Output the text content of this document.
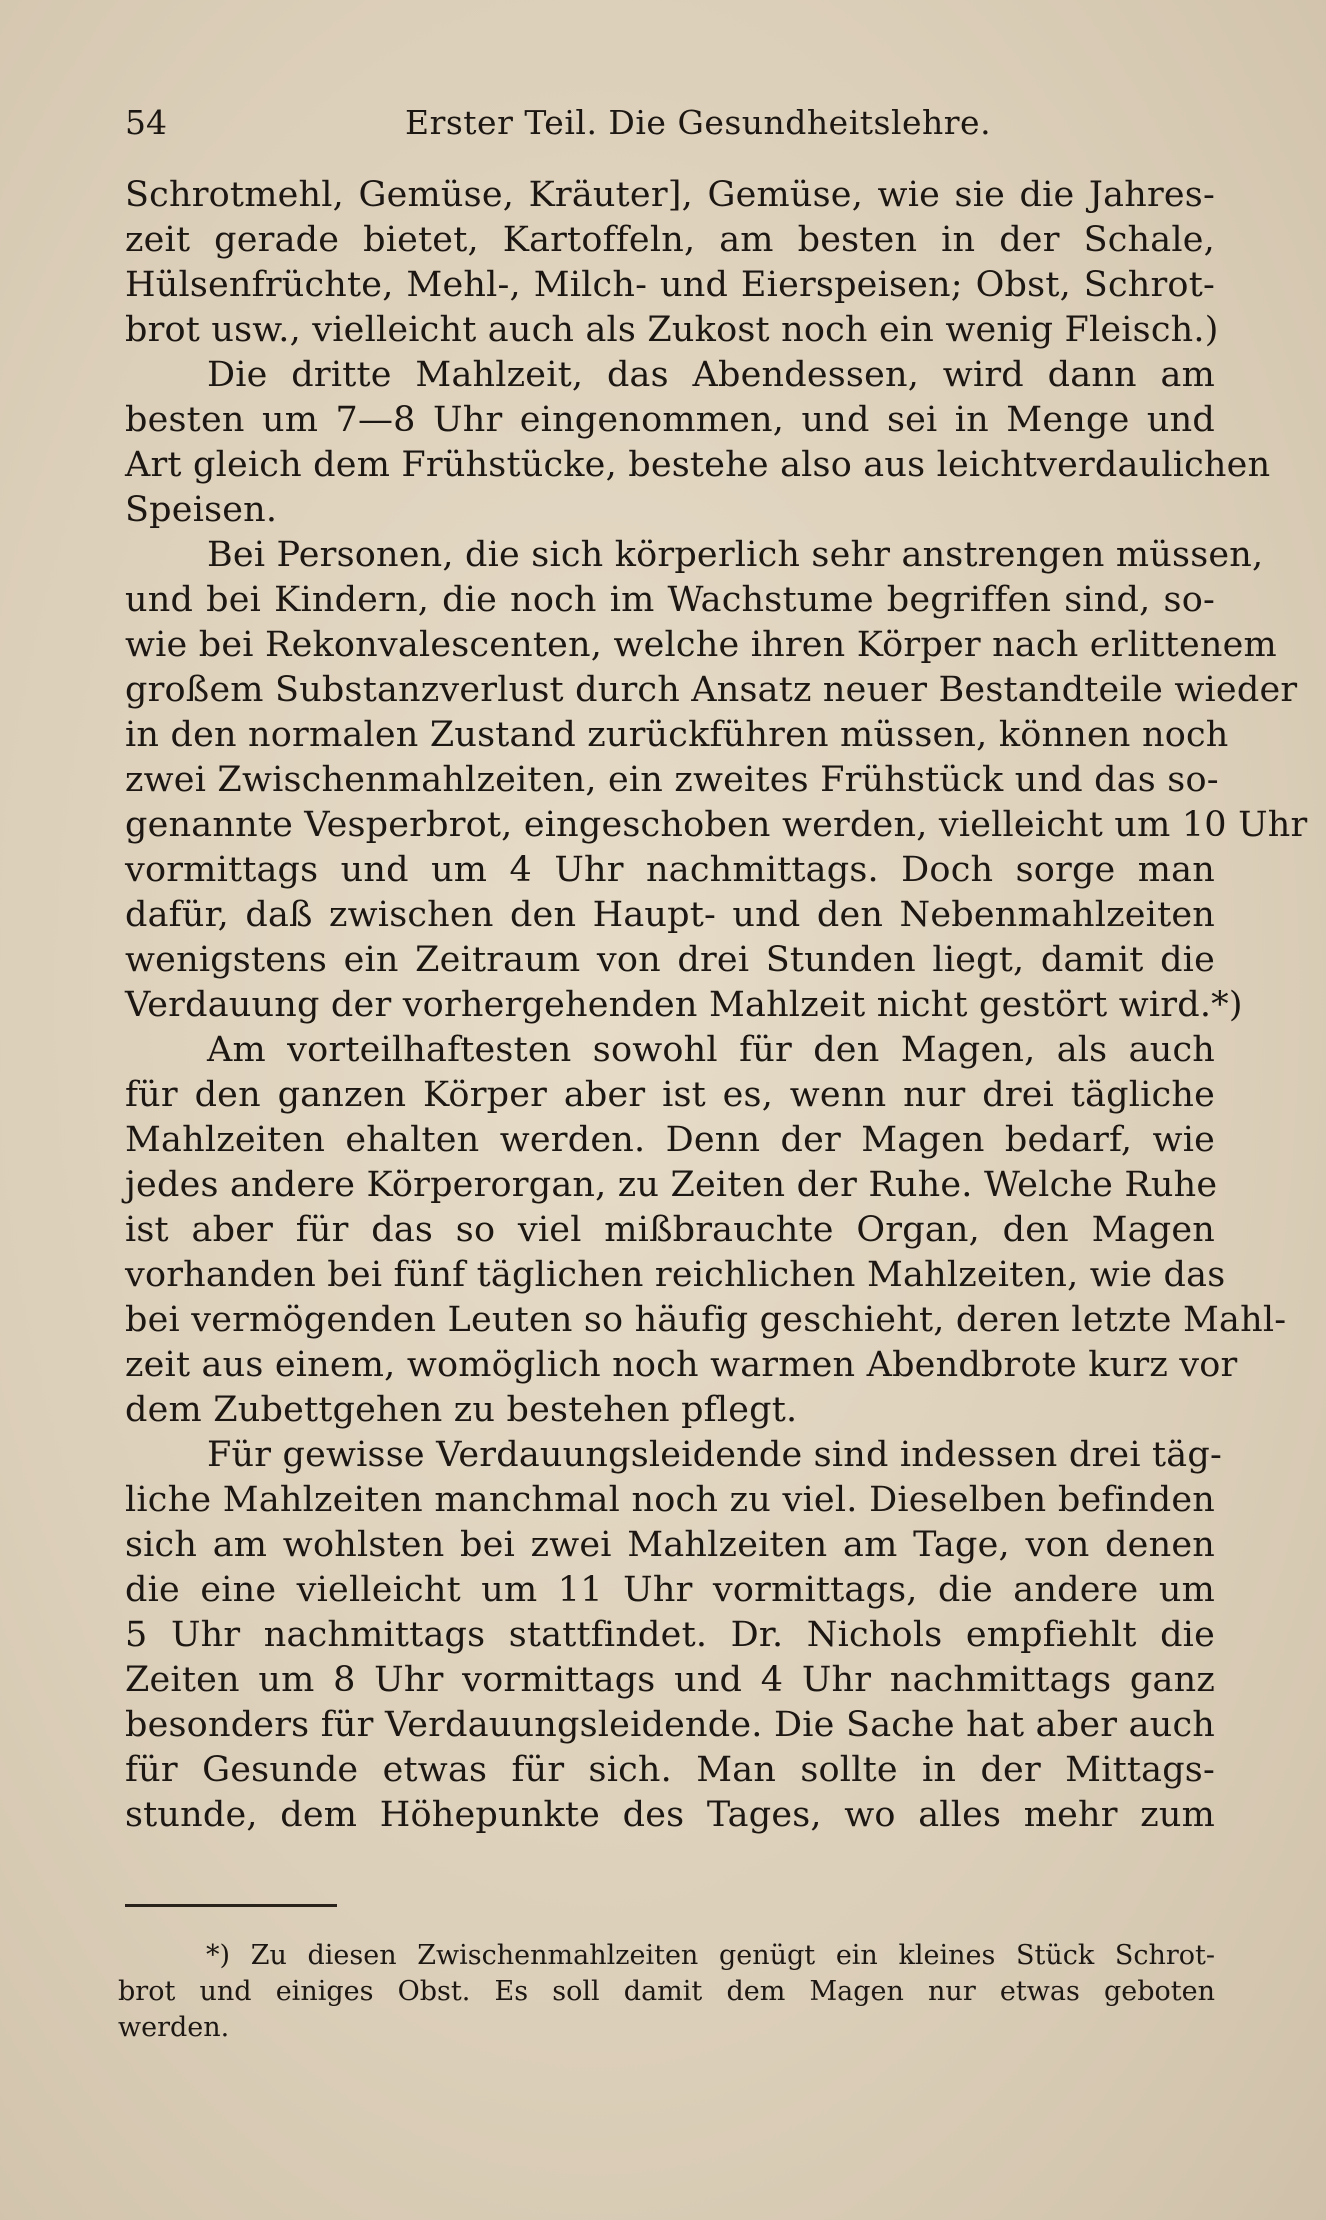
54	Erster Teil. Die Gesundheitslehre.
Schrotmehl, Gemüse, Kräuter], Gemüse, wie sie die Jahres-
zeit gerade bietet, Kartoffeln, am besten in der Schale,
Hülsenfrüchte, Mehl-, Milch- und Eierspeisen; Obst, Schrot-
brot usw., vielleicht auch als Zukost noch ein wenig Fleisch.)
Die dritte Mahlzeit, das Abendessen, wird dann am
besten um 7—8 Uhr eingenommen, und sei in Menge und
Art gleich dem Frühstücke, bestehe also aus leichtverdaulichen
Speisen.
Bei Personen, die sich körperlich sehr anstrengen müssen,
und bei Kindern, die noch im Wachstume begriffen sind, so-
wie bei Rekonvalescenten, welche ihren Körper nach erlittenem
großem Substanzverlust durch Ansatz neuer Bestandteile wieder
in den normalen Zustand zurückführen müssen, können noch
zwei Zwischenmahlzeiten, ein zweites Frühstück und das so-
genannte Vesperbrot, eingeschoben werden, vielleicht um 10 Uhr
vormittags und um 4 Uhr nachmittags. Doch sorge man
dafür, daß zwischen den Haupt- und den Nebenmahlzeiten
wenigstens ein Zeitraum von drei Stunden liegt, damit die
Verdauung der vorhergehenden Mahlzeit nicht gestört wird.*)
Am vorteilhaftesten sowohl für den Magen, als auch
für den ganzen Körper aber ist es, wenn nur drei tägliche
Mahlzeiten ehalten werden. Denn der Magen bedarf, wie
jedes andere Körperorgan, zu Zeiten der Ruhe. Welche Ruhe
ist aber für das so viel mißbrauchte Organ, den Magen
vorhanden bei fünf täglichen reichlichen Mahlzeiten, wie das
bei vermögenden Leuten so häufig geschieht, deren letzte Mahl-
zeit aus einem, womöglich noch warmen Abendbrote kurz vor
dem Zubettgehen zu bestehen pflegt.
Für gewisse Verdauungsleidende sind indessen drei täg-
liche Mahlzeiten manchmal noch zu viel. Dieselben befinden
sich am wohlsten bei zwei Mahlzeiten am Tage, von denen
die eine vielleicht um 11 Uhr vormittags, die andere um
5 Uhr nachmittags stattfindet. Dr. Nichols empfiehlt die
Zeiten um 8 Uhr vormittags und 4 Uhr nachmittags ganz
besonders für Verdauungsleidende. Die Sache hat aber auch
für Gesunde etwas für sich. Man sollte in der Mittags-
stunde, dem Höhepunkte des Tages, wo alles mehr zum
*) Zu diesen Zwischenmahlzeiten genügt ein kleines Stück Schrot-
brot und einiges Obst. Es soll damit dem Magen nur etwas geboten
werden.
